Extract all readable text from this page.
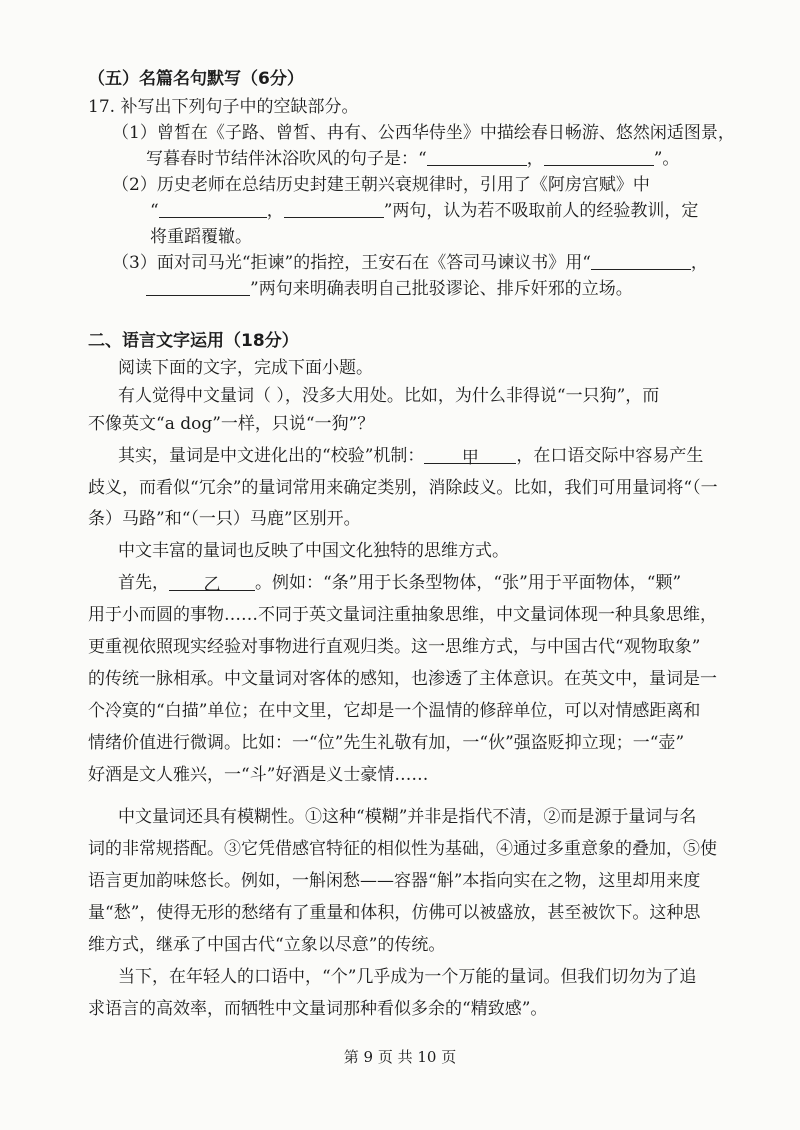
（五）名篇名句默写（6分）
17. 补写出下列句子中的空缺部分。
（1）曾皙在《子路、曾皙、冉有、公西华侍坐》中描绘春日畅游、悠然闲适图景，
写暮春时节结伴沐浴吹风的句子是：“	，	”。
（2）历史老师在总结历史封建王朝兴衰规律时，引用了《阿房宫赋》中
“	，	”两句，认为若不吸取前人的经验教训，定
将重蹈覆辙。
（3）面对司马光“拒谏”的指控，王安石在《答司马谏议书》用“	，
”两句来明确表明自己批驳谬论、排斥奸邪的立场。
二、语言文字运用（18分）
阅读下面的文字，完成下面小题。
有人觉得中文量词（ ），没多大用处。比如，为什么非得说“一只狗”，而
不像英文“a dog”一样，只说“一狗”？
其实，量词是中文进化出的“校验”机制： 甲 ，在口语交际中容易产生
歧义，而看似“冗余”的量词常用来确定类别，消除歧义。比如，我们可用量词将“（一
条）马路”和“（一只）马鹿”区别开。
中文丰富的量词也反映了中国文化独特的思维方式。
首先， 乙 。例如：“条”用于长条型物体，“张”用于平面物体，“颗”
用于小而圆的事物……不同于英文量词注重抽象思维，中文量词体现一种具象思维，
更重视依照现实经验对事物进行直观归类。这一思维方式，与中国古代“观物取象”
的传统一脉相承。中文量词对客体的感知，也渗透了主体意识。在英文中，量词是一
个冷寞的“白描”单位；在中文里，它却是一个温情的修辞单位，可以对情感距离和
情绪价值进行微调。比如：一“位”先生礼敬有加，一“伙”强盗贬抑立现；一“壶”
好酒是文人雅兴，一“斗”好酒是义士豪情……
中文量词还具有模糊性。①这种“模糊”并非是指代不清，②而是源于量词与名
词的非常规搭配。③它凭借感官特征的相似性为基础，④通过多重意象的叠加，⑤使
语言更加韵味悠长。例如，一斛闲愁——容器“斛”本指向实在之物，这里却用来度
量“愁”，使得无形的愁绪有了重量和体积，仿佛可以被盛放，甚至被饮下。这种思
维方式，继承了中国古代“立象以尽意”的传统。
当下，在年轻人的口语中，“个”几乎成为一个万能的量词。但我们切勿为了追
求语言的高效率，而牺牲中文量词那种看似多余的“精致感”。
第 9 页 共 10 页
